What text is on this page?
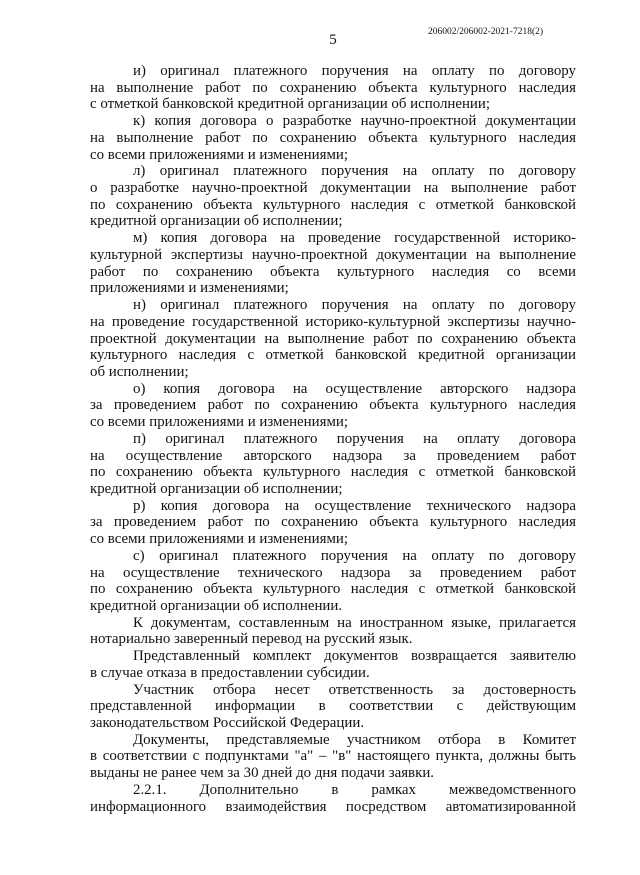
206002/206002-2021-7218(2)
5
и) оригинал платежного поручения на оплату по договору
на выполнение работ по сохранению объекта культурного наследия
с отметкой банковской кредитной организации об исполнении;
к) копия договора о разработке научно-проектной документации
на выполнение работ по сохранению объекта культурного наследия
со всеми приложениями и изменениями;
л) оригинал платежного поручения на оплату по договору
о разработке научно-проектной документации на выполнение работ
по сохранению объекта культурного наследия с отметкой банковской
кредитной организации об исполнении;
м) копия договора на проведение государственной историко-
культурной экспертизы научно-проектной документации на выполнение
работ по сохранению объекта культурного наследия со всеми
приложениями и изменениями;
н) оригинал платежного поручения на оплату по договору
на проведение государственной историко-культурной экспертизы научно-
проектной документации на выполнение работ по сохранению объекта
культурного наследия с отметкой банковской кредитной организации
об исполнении;
о) копия договора на осуществление авторского надзора
за проведением работ по сохранению объекта культурного наследия
со всеми приложениями и изменениями;
п) оригинал платежного поручения на оплату договора
на осуществление авторского надзора за проведением работ
по сохранению объекта культурного наследия с отметкой банковской
кредитной организации об исполнении;
р) копия договора на осуществление технического надзора
за проведением работ по сохранению объекта культурного наследия
со всеми приложениями и изменениями;
с) оригинал платежного поручения на оплату по договору
на осуществление технического надзора за проведением работ
по сохранению объекта культурного наследия с отметкой банковской
кредитной организации об исполнении.
К документам, составленным на иностранном языке, прилагается
нотариально заверенный перевод на русский язык.
Представленный комплект документов возвращается заявителю
в случае отказа в предоставлении субсидии.
Участник отбора несет ответственность за достоверность
представленной информации в соответствии с действующим
законодательством Российской Федерации.
Документы, представляемые участником отбора в Комитет
в соответствии с подпунктами "а" – "в" настоящего пункта, должны быть
выданы не ранее чем за 30 дней до дня подачи заявки.
2.2.1. Дополнительно в рамках межведомственного
информационного взаимодействия посредством автоматизированной
